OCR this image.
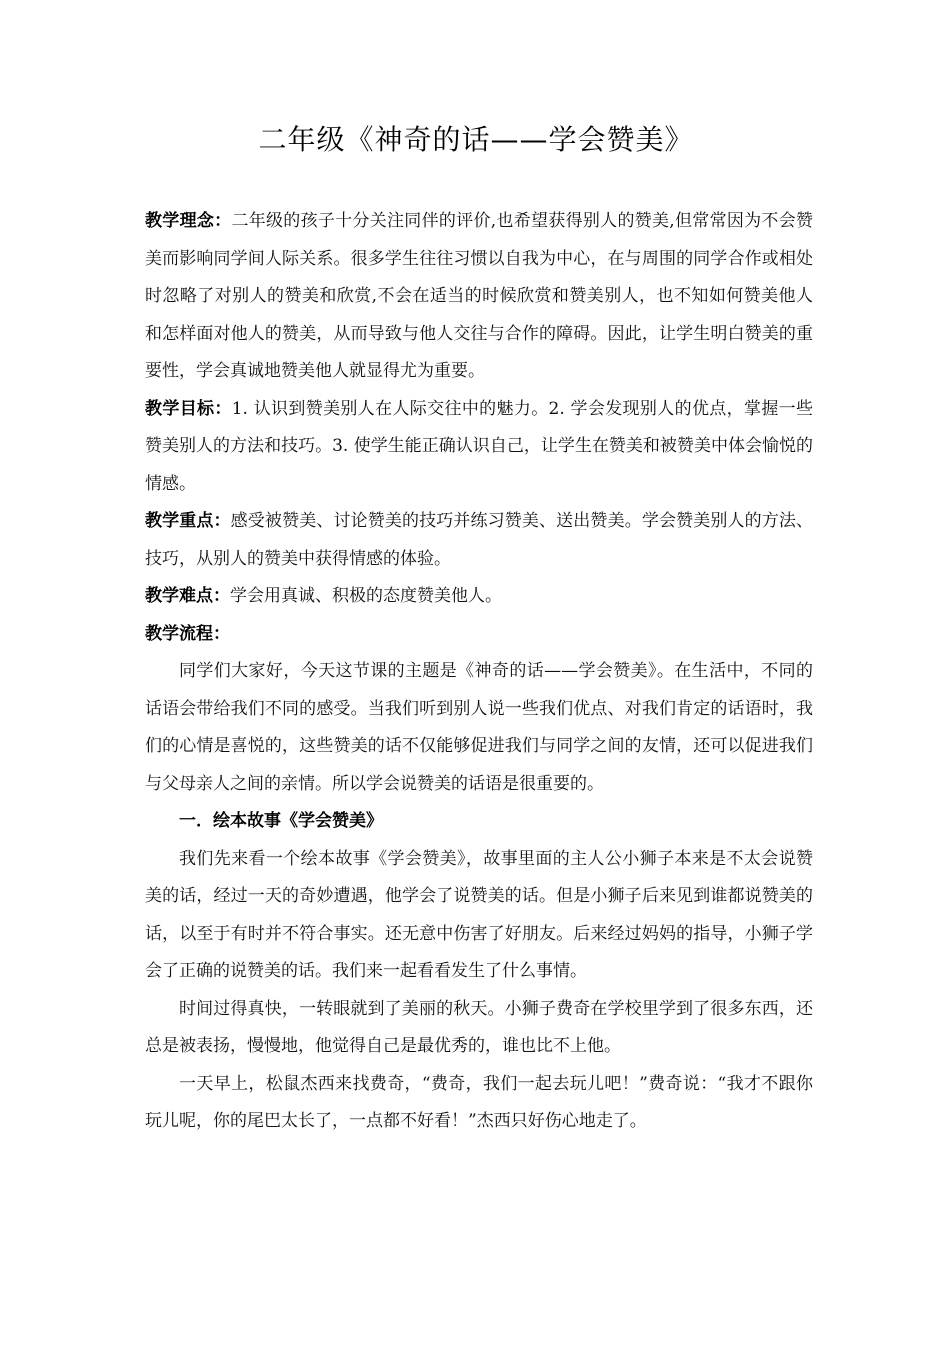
二年级《神奇的话——学会赞美》

教学理念：二年级的孩子十分关注同伴的评价,也希望获得别人的赞美,但常常因为不会赞美而影响同学间人际关系。很多学生往往习惯以自我为中心，在与周围的同学合作或相处时忽略了对别人的赞美和欣赏,不会在适当的时候欣赏和赞美别人，也不知如何赞美他人和怎样面对他人的赞美，从而导致与他人交往与合作的障碍。因此，让学生明白赞美的重要性，学会真诚地赞美他人就显得尤为重要。

教学目标：1. 认识到赞美别人在人际交往中的魅力。2. 学会发现别人的优点，掌握一些赞美别人的方法和技巧。3. 使学生能正确认识自己，让学生在赞美和被赞美中体会愉悦的情感。

教学重点：感受被赞美、讨论赞美的技巧并练习赞美、送出赞美。学会赞美别人的方法、技巧，从别人的赞美中获得情感的体验。

教学难点：学会用真诚、积极的态度赞美他人。

教学流程：

同学们大家好，今天这节课的主题是《神奇的话——学会赞美》。在生活中，不同的话语会带给我们不同的感受。当我们听到别人说一些我们优点、对我们肯定的话语时，我们的心情是喜悦的，这些赞美的话不仅能够促进我们与同学之间的友情，还可以促进我们与父母亲人之间的亲情。所以学会说赞美的话语是很重要的。

一．绘本故事《学会赞美》

我们先来看一个绘本故事《学会赞美》，故事里面的主人公小狮子本来是不太会说赞美的话，经过一天的奇妙遭遇，他学会了说赞美的话。但是小狮子后来见到谁都说赞美的话，以至于有时并不符合事实。还无意中伤害了好朋友。后来经过妈妈的指导，小狮子学会了正确的说赞美的话。我们来一起看看发生了什么事情。

时间过得真快，一转眼就到了美丽的秋天。小狮子费奇在学校里学到了很多东西，还总是被表扬，慢慢地，他觉得自己是最优秀的，谁也比不上他。

一天早上，松鼠杰西来找费奇，“费奇，我们一起去玩儿吧！”费奇说：“我才不跟你玩儿呢，你的尾巴太长了，一点都不好看！”杰西只好伤心地走了。
